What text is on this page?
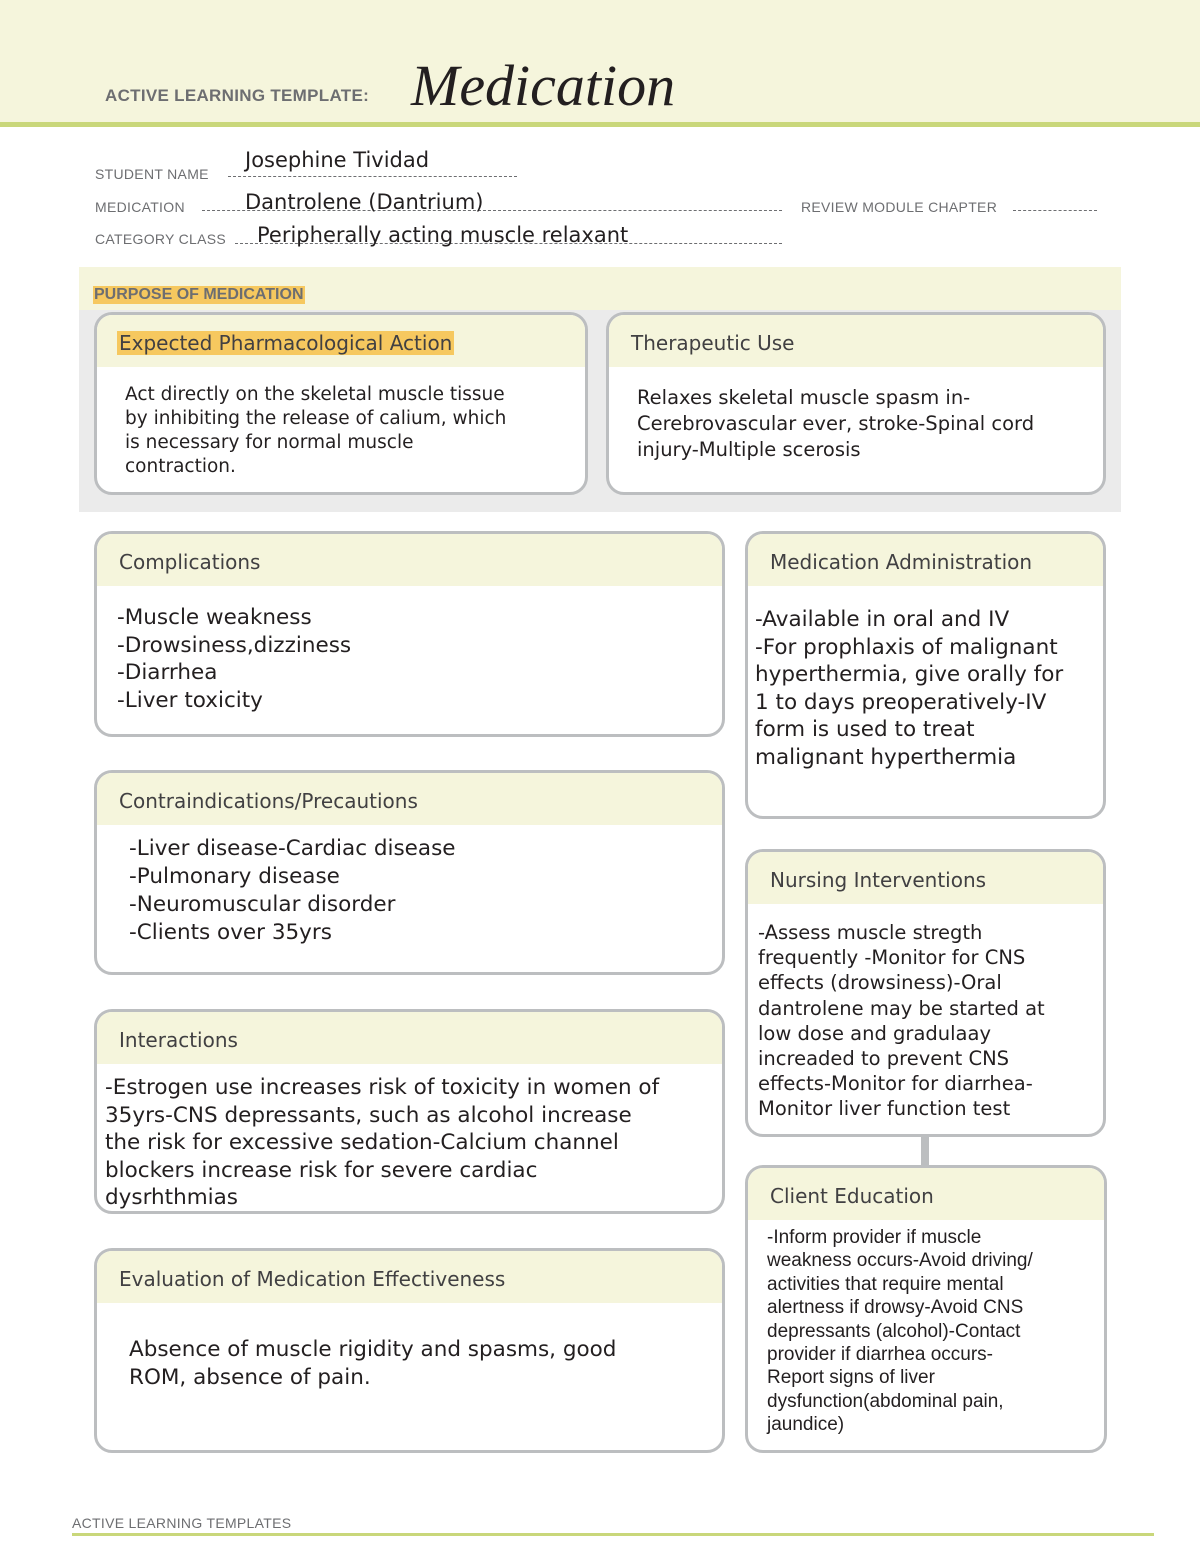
ACTIVE LEARNING TEMPLATE: Medication
STUDENT NAME
Josephine Tividad
MEDICATION	Dantrolene (Dantrium)	REVIEW MODULE CHAPTER
CATEGORY CLASS Peripherally acting muscle relaxant
PURPOSE OF MEDICATION
Expected Pharmacological Action
Act directly on the skeletal muscle tissue
by inhibiting the release of calium, which
is necessary for normal muscle
contraction.
Therapeutic Use
Relaxes skeletal muscle spasm in-
Cerebrovascular ever, stroke-Spinal cord
injury-Multiple scerosis
Complications
-Muscle weakness
-Drowsiness,dizziness
-Diarrhea
-Liver toxicity
Contraindications/Precautions
-Liver disease-Cardiac disease
-Pulmonary disease
-Neuromuscular disorder
-Clients over 35yrs
Interactions
-Estrogen use increases risk of toxicity in women of
35yrs-CNS depressants, such as alcohol increase
the risk for excessive sedation-Calcium channel
blockers increase risk for severe cardiac
dysrhthmias
Evaluation of Medication Effectiveness
Absence of muscle rigidity and spasms, good
ROM, absence of pain.
Medication Administration
-Available in oral and IV
-For prophlaxis of malignant
hyperthermia, give orally for
1 to days preoperatively-IV
form is used to treat
malignant hyperthermia
Nursing Interventions
-Assess muscle stregth
frequently -Monitor for CNS
effects (drowsiness)-Oral
dantrolene may be started at
low dose and gradulaay
increaded to prevent CNS
effects-Monitor for diarrhea-
Monitor liver function test
Client Education
-Inform provider if muscle
weakness occurs-Avoid driving/
activities that require mental
alertness if drowsy-Avoid CNS
depressants (alcohol)-Contact
provider if diarrhea occurs-
Report signs of liver
dysfunction(abdominal pain,
jaundice)
ACTIVE LEARNING TEMPLATES
